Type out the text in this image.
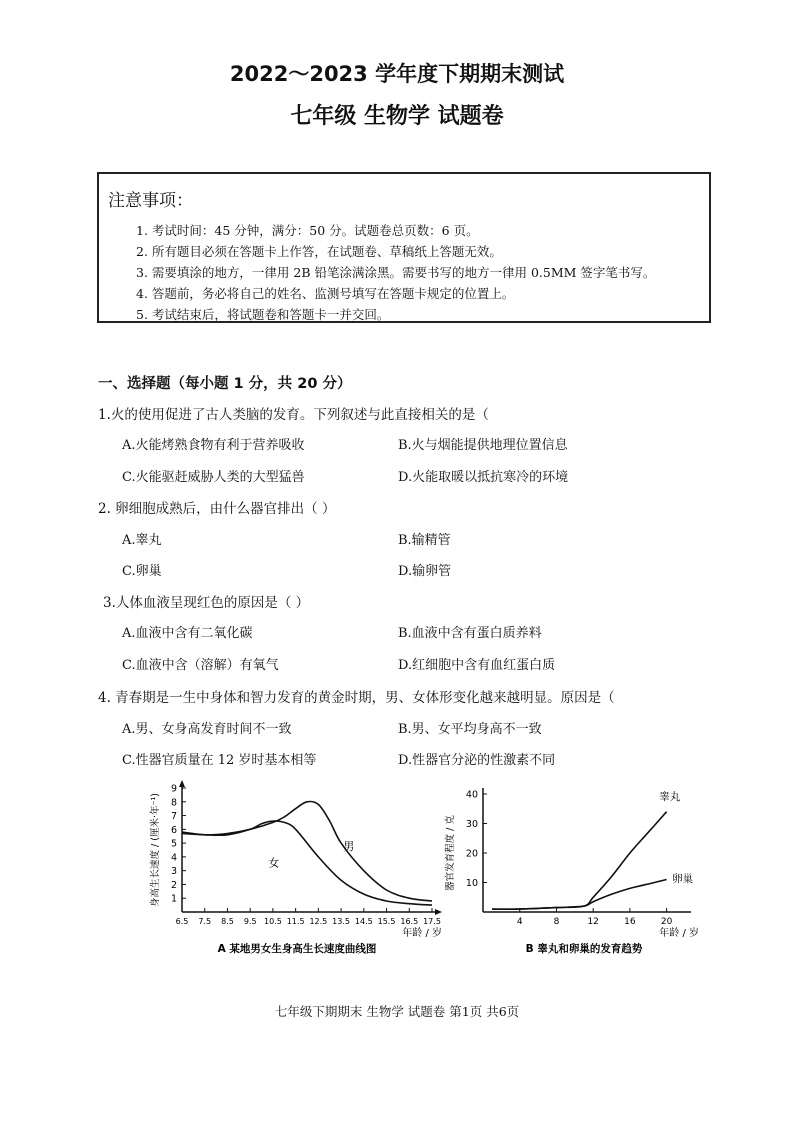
2022～2023 学年度下期期末测试
七年级 生物学 试题卷
注意事项：
1. 考试时间：45 分钟，满分：50 分。试题卷总页数：6 页。
2. 所有题目必须在答题卡上作答，在试题卷、草稿纸上答题无效。
3. 需要填涂的地方，一律用 2B 铅笔涂满涂黑。需要书写的地方一律用 0.5MM 签字笔书写。
4. 答题前，务必将自己的姓名、监测号填写在答题卡规定的位置上。
5. 考试结束后，将试题卷和答题卡一并交回。
一、选择题（每小题 1 分，共 20 分）
1.火的使用促进了古人类脑的发育。下列叙述与此直接相关的是（
A.火能烤熟食物有利于营养吸收	B.火与烟能提供地理位置信息
C.火能驱赶威胁人类的大型猛兽	D.火能取暖以抵抗寒冷的环境
2. 卵细胞成熟后，由什么器官排出（ ）
A.睾丸	B.输精管
C.卵巢	D.输卵管
3.人体血液呈现红色的原因是（ ）
A.血液中含有二氧化碳	B.血液中含有蛋白质养料
C.血液中含（溶解）有氧气	D.红细胞中含有血红蛋白质
4. 青春期是一生中身体和智力发育的黄金时期，男、女体形变化越来越明显。原因是（
A.男、女身高发育时间不一致	B.男、女平均身高不一致
C.性器官质量在 12 岁时基本相等	D.性器官分泌的性激素不同
1
2
3
4
5
6
7
8
9
6.5 7.5 8.5 9.5 10.5 11.5 12.5 13.5 14.5 15.5 16.5 17.5
身高生长速度 / (厘米·年⁻¹)
年龄 / 岁
男
女
A 某地男女生身高生长速度曲线图
10
20
30
40
4	8	12	16	20
器官发育程度 / 克
年龄 / 岁
睾丸
卵巢
B 睾丸和卵巢的发育趋势
七年级下期期末 生物学 试题卷 第1页 共6页
